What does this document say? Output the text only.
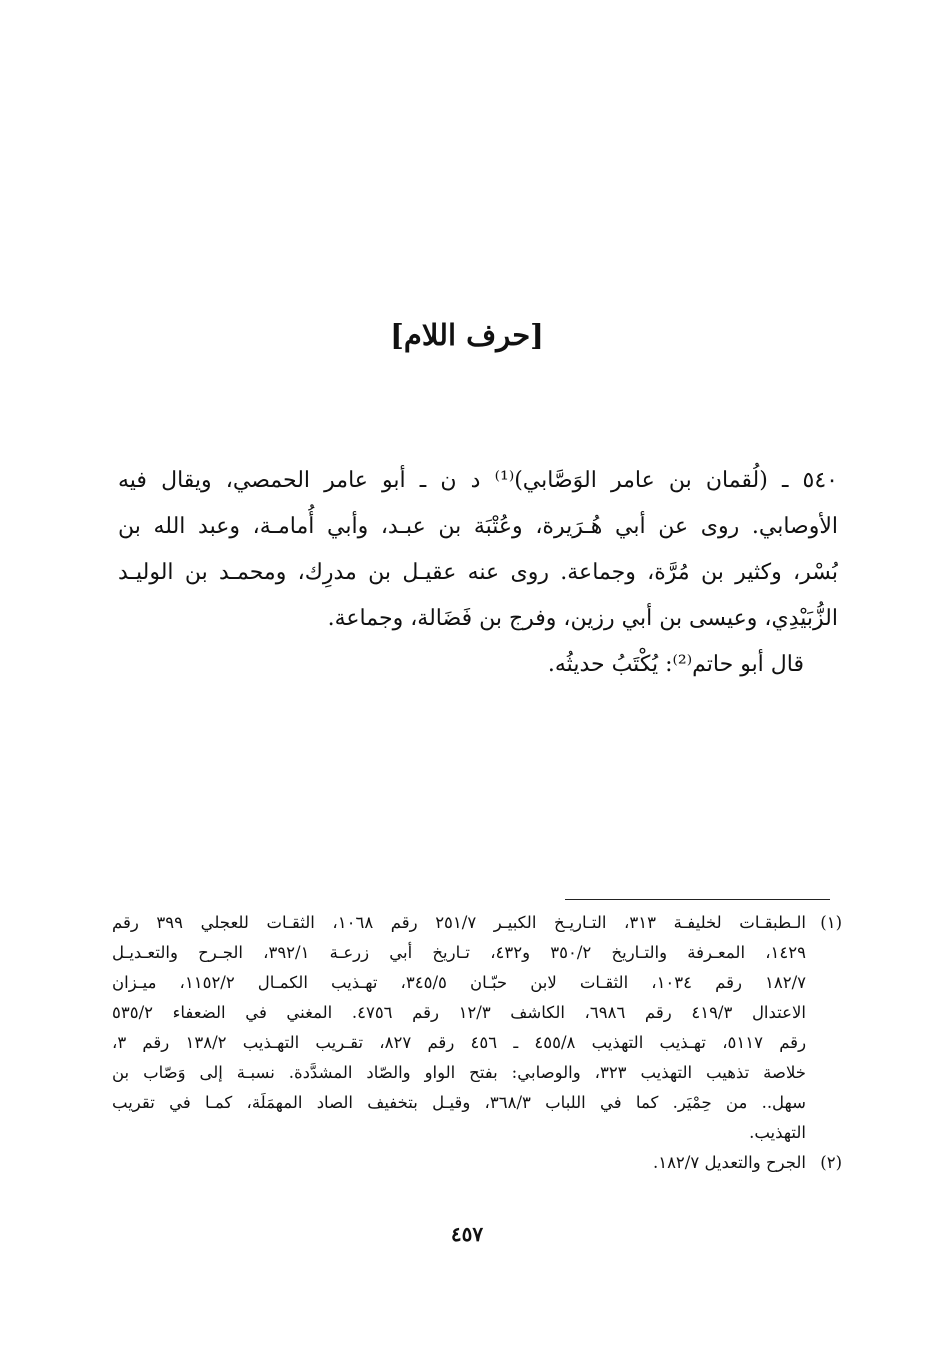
[حرف اللام]
٥٤٠ ـ (لُقمان بن عامر الوَصَّابي)⁽¹⁾ د ن ـ أبو عامر الحمصي، ويقال فيه
الأوصابي. روى عن أبي هُـرَيرة، وعُتْبَة بن عبـد، وأبي أُمامـة، وعبد الله بن
بُسْر، وكثير بن مُرَّة، وجماعة. روى عنه عقيـل بن مدرِك، ومحمـد بن الوليـد
الزُّبَيْدِي، وعيسى بن أبي رزين، وفرج بن فَضَالة، وجماعة.
قال أبو حاتم⁽²⁾: يُكْتَبُ حديثُه.
(١)
الـطبقـات لخليفـة ٣١٣، التـاريـخ الكبيـر ٢٥١/٧ رقم ١٠٦٨، الثقـات للعجلي ٣٩٩ رقم
١٤٢٩، المعـرفة والتـاريخ ٣٥٠/٢ و٤٣٢، تـاريخ أبي زرعـة ٣٩٢/١، الجـرح والتعـديـل
١٨٢/٧ رقم ١٠٣٤، الثقـات لابن حبّـان ٣٤٥/٥، تهـذيب الكمـال ١١٥٢/٢، ميـزان
الاعتدال ٤١٩/٣ رقم ٦٩٨٦، الكاشف ١٢/٣ رقم ٤٧٥٦. المغني في الضعفاء ٥٣٥/٢
رقم ٥١١٧، تهـذيب التهذيب ٤٥٥/٨ ـ ٤٥٦ رقم ٨٢٧، تقـريب التهـذيب ١٣٨/٢ رقم ٣،
خلاصة تذهيب التهذيب ٣٢٣، والوصابي: بفتح الواو والصّاد المشدَّدة. نسبـة إلى وَصّاب بن
سهل.. من حِمْيَر. كما في اللباب ٣٦٨/٣، وقيـل بتخفيف الصاد المهمَلَة، كمـا في تقريب
التهذيب.
(٢)
الجرح والتعديل ١٨٢/٧.
٤٥٧
